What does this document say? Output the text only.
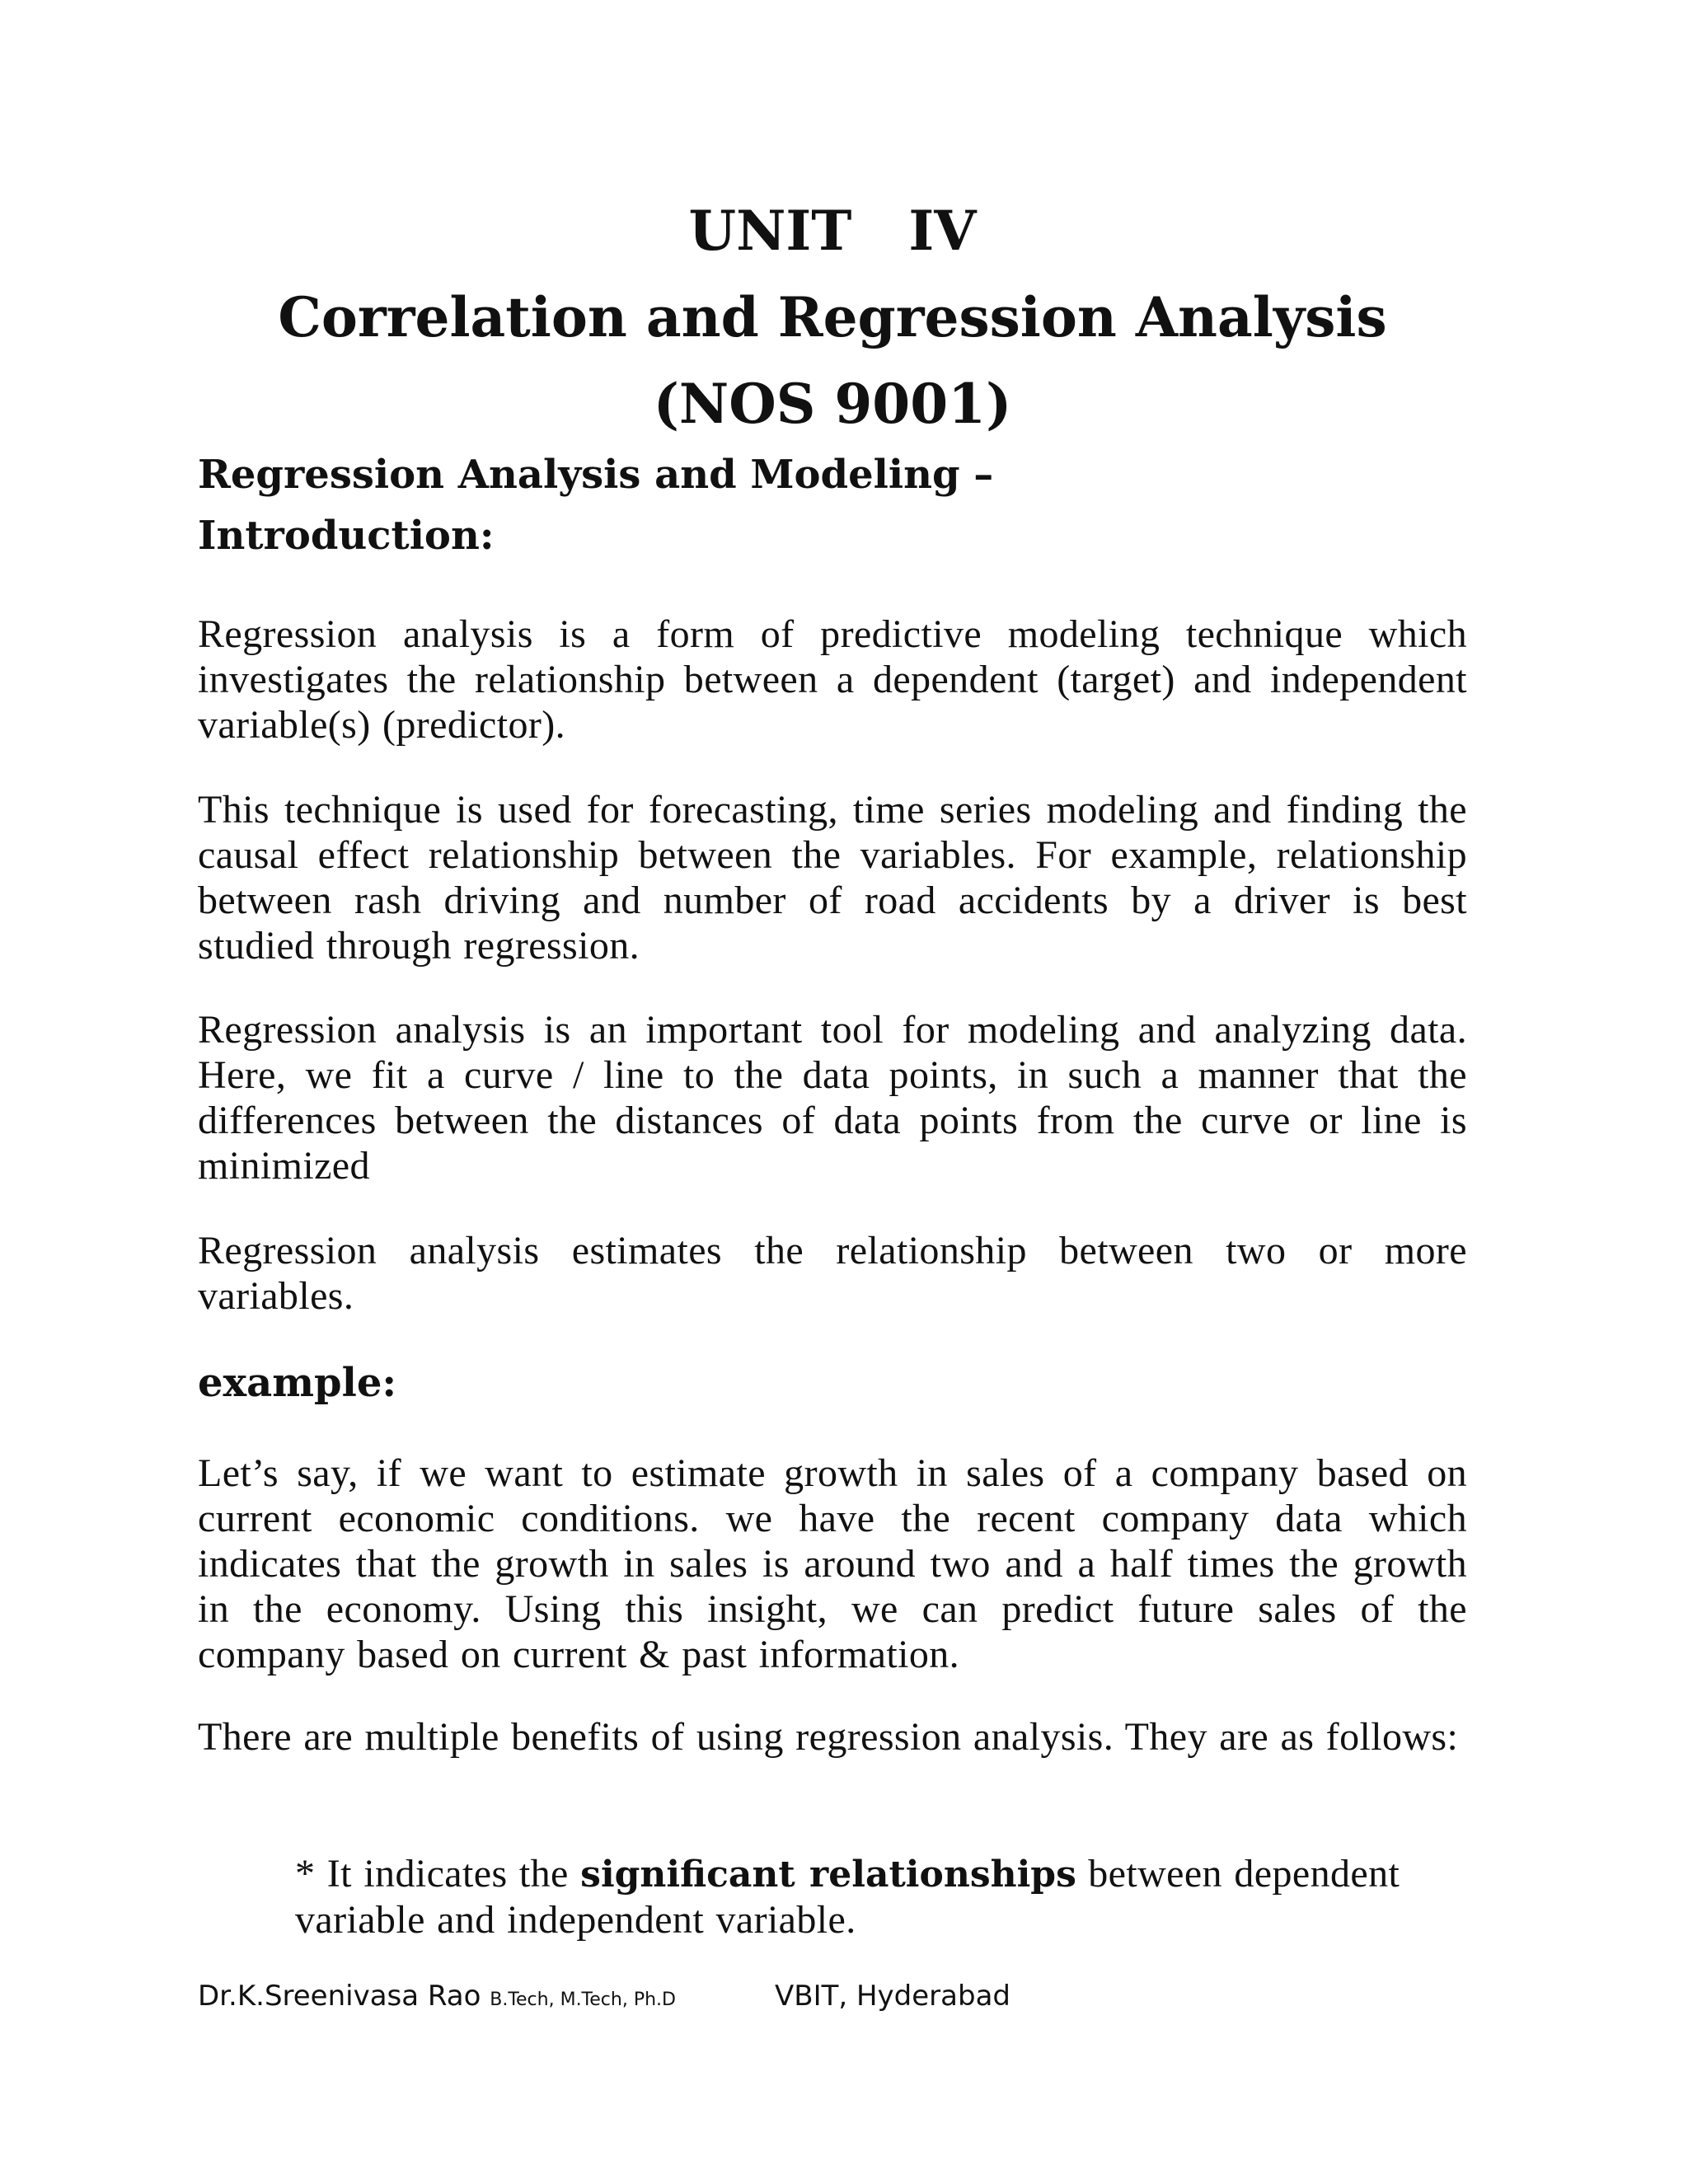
UNIT   IV
Correlation and Regression Analysis
(NOS 9001)
Regression Analysis and Modeling –
Introduction:
Regression analysis is a form of predictive modeling technique which investigates the relationship between a dependent (target) and independent variable(s) (predictor).
This technique is used for forecasting, time series modeling and finding the causal effect relationship between the variables. For example, relationship between rash driving and number of road accidents by a driver is best studied through regression.
Regression analysis is an important tool for modeling and analyzing data. Here, we fit a curve / line to the data points, in such a manner that the differences between the distances of data points from the curve or line is minimized
Regression analysis estimates the relationship between two or more variables.
example:
Let’s say, if we want to estimate growth in sales of a company based on current economic conditions. we have the recent company data which indicates that the growth in sales is around two and a half times the growth in the economy. Using this insight, we can predict future sales of the company based on current & past information.
There are multiple benefits of using regression analysis. They are as follows:
* It indicates the significant relationships between dependent variable and independent variable.
Dr.K.Sreenivasa Rao B.Tech, M.Tech, Ph.D	VBIT, Hyderabad
